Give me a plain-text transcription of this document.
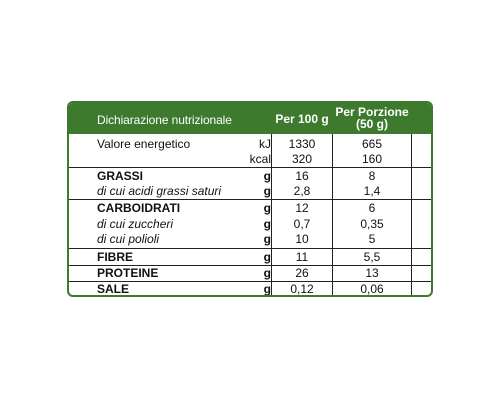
Dichiarazione nutrizionale	Per 100 g Per Porzione
(50 g)
Valore energetico	kJ	1330	665
kcal	320	160
GRASSI	g	16	8
di cui acidi grassi saturi	g	2,8	1,4
CARBOIDRATI	g	12	6
di cui zuccheri	g	0,7	0,35
di cui polioli	g	10	5
FIBRE	g	11	5,5
PROTEINE	g	26	13
SALE	g	0,12	0,06
